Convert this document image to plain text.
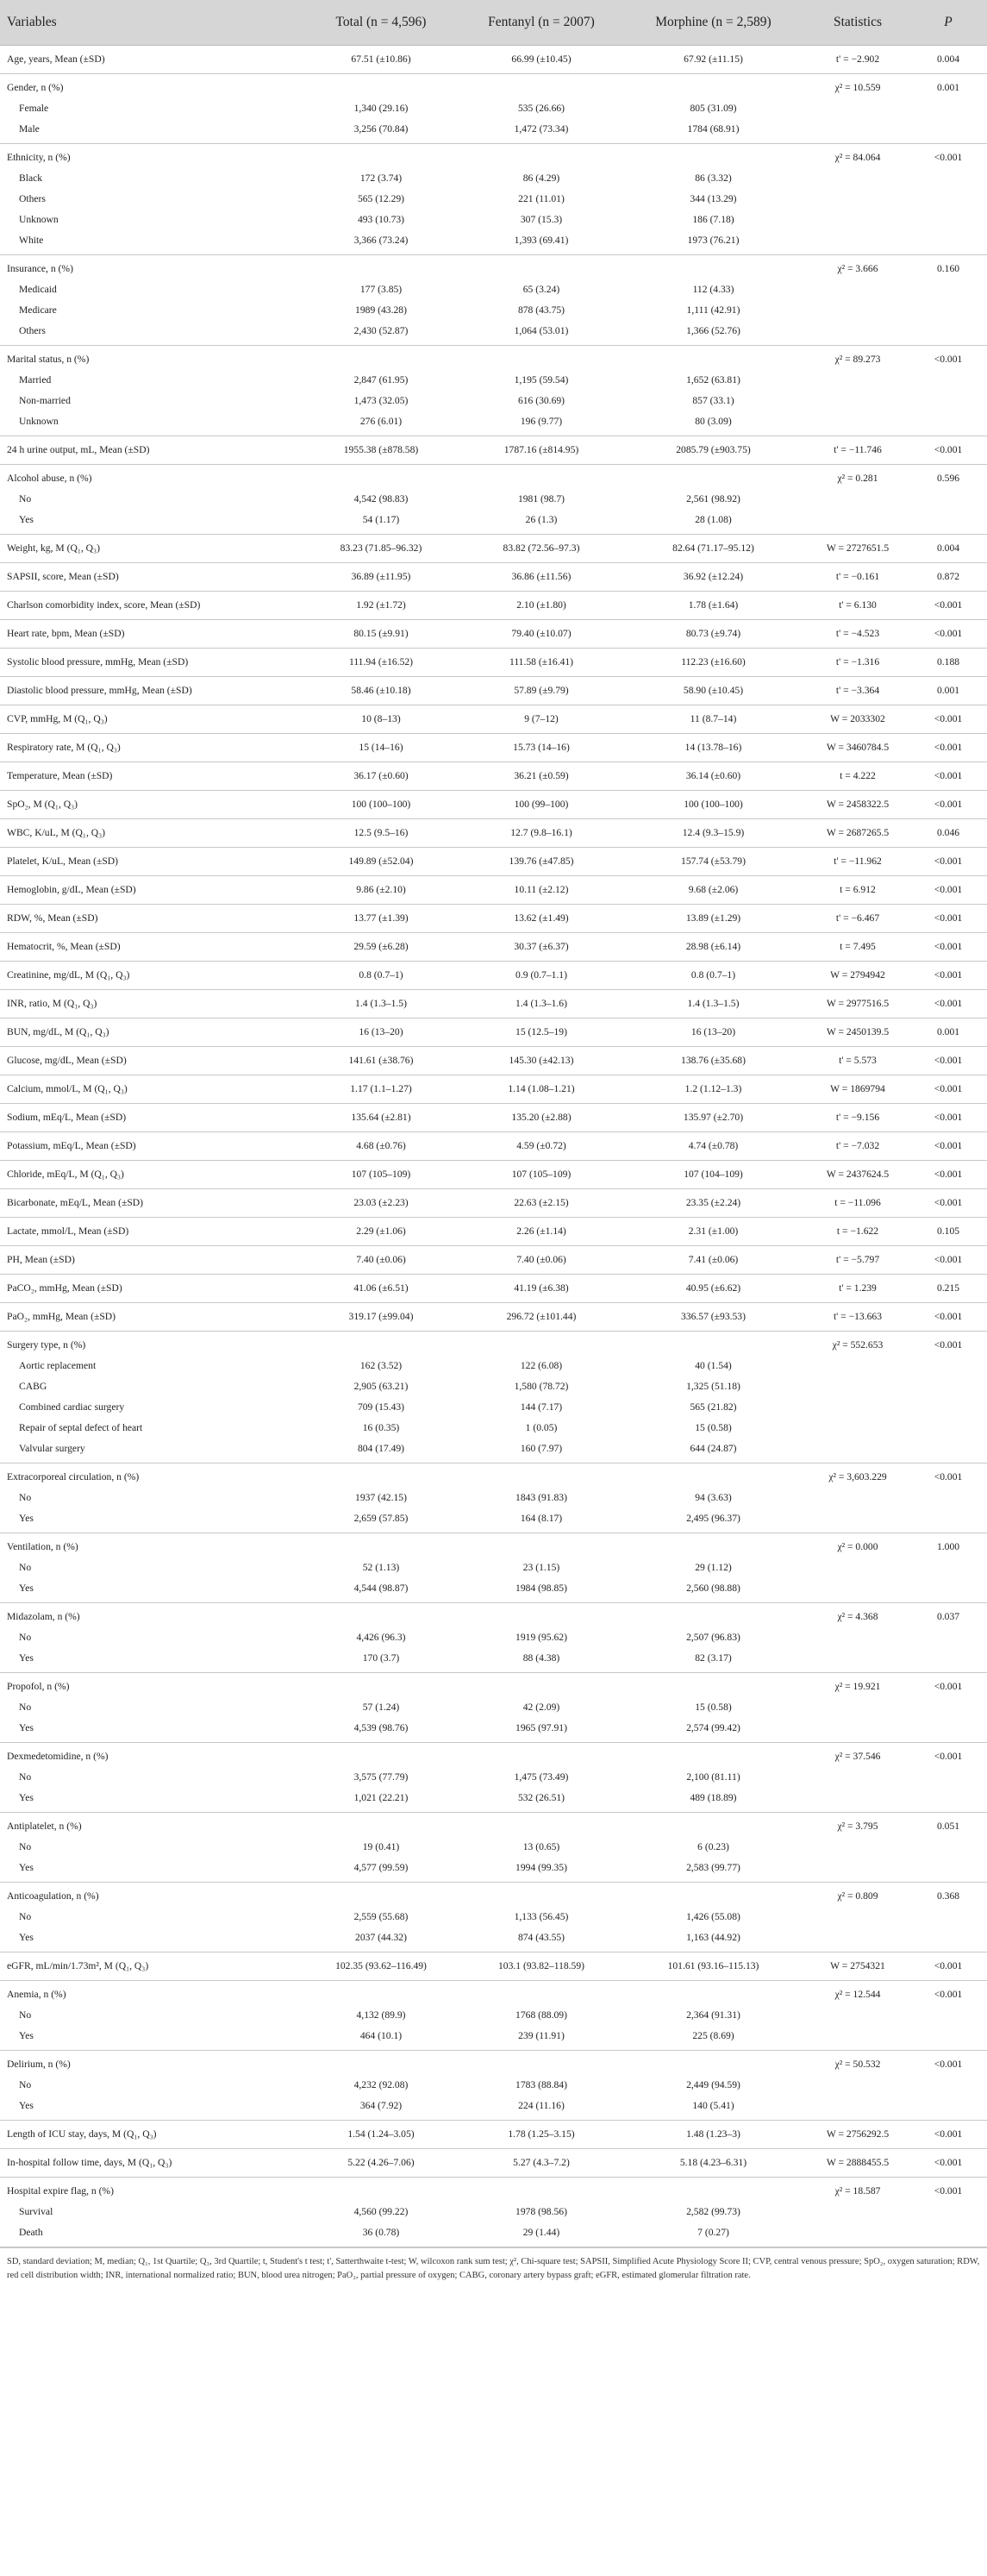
Variables	Total (n = 4,596)	Fentanyl (n = 2007)	Morphine (n = 2,589)	Statistics	P
Age, years, Mean (±SD)	67.51 (±10.86)	66.99 (±10.45)	67.92 (±11.15)	t' = −2.902	0.004
Gender, n (%)				χ² = 10.559	0.001
Female	1,340 (29.16)	535 (26.66)	805 (31.09)		
Male	3,256 (70.84)	1,472 (73.34)	1784 (68.91)		
Ethnicity, n (%)				χ² = 84.064	<0.001
Black	172 (3.74)	86 (4.29)	86 (3.32)		
Others	565 (12.29)	221 (11.01)	344 (13.29)		
Unknown	493 (10.73)	307 (15.3)	186 (7.18)		
White	3,366 (73.24)	1,393 (69.41)	1973 (76.21)		
Insurance, n (%)				χ² = 3.666	0.160
Medicaid	177 (3.85)	65 (3.24)	112 (4.33)		
Medicare	1989 (43.28)	878 (43.75)	1,111 (42.91)		
Others	2,430 (52.87)	1,064 (53.01)	1,366 (52.76)		
Marital status, n (%)				χ² = 89.273	<0.001
Married	2,847 (61.95)	1,195 (59.54)	1,652 (63.81)		
Non-married	1,473 (32.05)	616 (30.69)	857 (33.1)		
Unknown	276 (6.01)	196 (9.77)	80 (3.09)		
24 h urine output, mL, Mean (±SD)	1955.38 (±878.58)	1787.16 (±814.95)	2085.79 (±903.75)	t' = −11.746	<0.001
Alcohol abuse, n (%)				χ² = 0.281	0.596
No	4,542 (98.83)	1981 (98.7)	2,561 (98.92)		
Yes	54 (1.17)	26 (1.3)	28 (1.08)		
Weight, kg, M (Q₁, Q₃)	83.23 (71.85–96.32)	83.82 (72.56–97.3)	82.64 (71.17–95.12)	W = 2727651.5	0.004
SAPSII, score, Mean (±SD)	36.89 (±11.95)	36.86 (±11.56)	36.92 (±12.24)	t' = −0.161	0.872
Charlson comorbidity index, score, Mean (±SD)	1.92 (±1.72)	2.10 (±1.80)	1.78 (±1.64)	t' = 6.130	<0.001
Heart rate, bpm, Mean (±SD)	80.15 (±9.91)	79.40 (±10.07)	80.73 (±9.74)	t' = −4.523	<0.001
Systolic blood pressure, mmHg, Mean (±SD)	111.94 (±16.52)	111.58 (±16.41)	112.23 (±16.60)	t' = −1.316	0.188
Diastolic blood pressure, mmHg, Mean (±SD)	58.46 (±10.18)	57.89 (±9.79)	58.90 (±10.45)	t' = −3.364	0.001
CVP, mmHg, M (Q₁, Q₃)	10 (8–13)	9 (7–12)	11 (8.7–14)	W = 2033302	<0.001
Respiratory rate, M (Q₁, Q₃)	15 (14–16)	15.73 (14–16)	14 (13.78–16)	W = 3460784.5	<0.001
Temperature, Mean (±SD)	36.17 (±0.60)	36.21 (±0.59)	36.14 (±0.60)	t = 4.222	<0.001
SpO₂, M (Q₁, Q₃)	100 (100–100)	100 (99–100)	100 (100–100)	W = 2458322.5	<0.001
WBC, K/uL, M (Q₁, Q₃)	12.5 (9.5–16)	12.7 (9.8–16.1)	12.4 (9.3–15.9)	W = 2687265.5	0.046
Platelet, K/uL, Mean (±SD)	149.89 (±52.04)	139.76 (±47.85)	157.74 (±53.79)	t' = −11.962	<0.001
Hemoglobin, g/dL, Mean (±SD)	9.86 (±2.10)	10.11 (±2.12)	9.68 (±2.06)	t = 6.912	<0.001
RDW, %, Mean (±SD)	13.77 (±1.39)	13.62 (±1.49)	13.89 (±1.29)	t' = −6.467	<0.001
Hematocrit, %, Mean (±SD)	29.59 (±6.28)	30.37 (±6.37)	28.98 (±6.14)	t = 7.495	<0.001
Creatinine, mg/dL, M (Q₁, Q₃)	0.8 (0.7–1)	0.9 (0.7–1.1)	0.8 (0.7–1)	W = 2794942	<0.001
INR, ratio, M (Q₁, Q₃)	1.4 (1.3–1.5)	1.4 (1.3–1.6)	1.4 (1.3–1.5)	W = 2977516.5	<0.001
BUN, mg/dL, M (Q₁, Q₃)	16 (13–20)	15 (12.5–19)	16 (13–20)	W = 2450139.5	0.001
Glucose, mg/dL, Mean (±SD)	141.61 (±38.76)	145.30 (±42.13)	138.76 (±35.68)	t' = 5.573	<0.001
Calcium, mmol/L, M (Q₁, Q₃)	1.17 (1.1–1.27)	1.14 (1.08–1.21)	1.2 (1.12–1.3)	W = 1869794	<0.001
Sodium, mEq/L, Mean (±SD)	135.64 (±2.81)	135.20 (±2.88)	135.97 (±2.70)	t' = −9.156	<0.001
Potassium, mEq/L, Mean (±SD)	4.68 (±0.76)	4.59 (±0.72)	4.74 (±0.78)	t' = −7.032	<0.001
Chloride, mEq/L, M (Q₁, Q₃)	107 (105–109)	107 (105–109)	107 (104–109)	W = 2437624.5	<0.001
Bicarbonate, mEq/L, Mean (±SD)	23.03 (±2.23)	22.63 (±2.15)	23.35 (±2.24)	t = −11.096	<0.001
Lactate, mmol/L, Mean (±SD)	2.29 (±1.06)	2.26 (±1.14)	2.31 (±1.00)	t = −1.622	0.105
PH, Mean (±SD)	7.40 (±0.06)	7.40 (±0.06)	7.41 (±0.06)	t' = −5.797	<0.001
PaCO₂, mmHg, Mean (±SD)	41.06 (±6.51)	41.19 (±6.38)	40.95 (±6.62)	t' = 1.239	0.215
PaO₂, mmHg, Mean (±SD)	319.17 (±99.04)	296.72 (±101.44)	336.57 (±93.53)	t' = −13.663	<0.001
Surgery type, n (%)				χ² = 552.653	<0.001
Aortic replacement	162 (3.52)	122 (6.08)	40 (1.54)		
CABG	2,905 (63.21)	1,580 (78.72)	1,325 (51.18)		
Combined cardiac surgery	709 (15.43)	144 (7.17)	565 (21.82)		
Repair of septal defect of heart	16 (0.35)	1 (0.05)	15 (0.58)		
Valvular surgery	804 (17.49)	160 (7.97)	644 (24.87)		
Extracorporeal circulation, n (%)				χ² = 3,603.229	<0.001
No	1937 (42.15)	1843 (91.83)	94 (3.63)		
Yes	2,659 (57.85)	164 (8.17)	2,495 (96.37)		
Ventilation, n (%)				χ² = 0.000	1.000
No	52 (1.13)	23 (1.15)	29 (1.12)		
Yes	4,544 (98.87)	1984 (98.85)	2,560 (98.88)		
Midazolam, n (%)				χ² = 4.368	0.037
No	4,426 (96.3)	1919 (95.62)	2,507 (96.83)		
Yes	170 (3.7)	88 (4.38)	82 (3.17)		
Propofol, n (%)				χ² = 19.921	<0.001
No	57 (1.24)	42 (2.09)	15 (0.58)		
Yes	4,539 (98.76)	1965 (97.91)	2,574 (99.42)		
Dexmedetomidine, n (%)				χ² = 37.546	<0.001
No	3,575 (77.79)	1,475 (73.49)	2,100 (81.11)		
Yes	1,021 (22.21)	532 (26.51)	489 (18.89)		
Antiplatelet, n (%)				χ² = 3.795	0.051
No	19 (0.41)	13 (0.65)	6 (0.23)		
Yes	4,577 (99.59)	1994 (99.35)	2,583 (99.77)		
Anticoagulation, n (%)				χ² = 0.809	0.368
No	2,559 (55.68)	1,133 (56.45)	1,426 (55.08)		
Yes	2037 (44.32)	874 (43.55)	1,163 (44.92)		
eGFR, mL/min/1.73m², M (Q₁, Q₃)	102.35 (93.62–116.49)	103.1 (93.82–118.59)	101.61 (93.16–115.13)	W = 2754321	<0.001
Anemia, n (%)				χ² = 12.544	<0.001
No	4,132 (89.9)	1768 (88.09)	2,364 (91.31)		
Yes	464 (10.1)	239 (11.91)	225 (8.69)		
Delirium, n (%)				χ² = 50.532	<0.001
No	4,232 (92.08)	1783 (88.84)	2,449 (94.59)		
Yes	364 (7.92)	224 (11.16)	140 (5.41)		
Length of ICU stay, days, M (Q₁, Q₃)	1.54 (1.24–3.05)	1.78 (1.25–3.15)	1.48 (1.23–3)	W = 2756292.5	<0.001
In-hospital follow time, days, M (Q₁, Q₃)	5.22 (4.26–7.06)	5.27 (4.3–7.2)	5.18 (4.23–6.31)	W = 2888455.5	<0.001
Hospital expire flag, n (%)				χ² = 18.587	<0.001
Survival	4,560 (99.22)	1978 (98.56)	2,582 (99.73)		
Death	36 (0.78)	29 (1.44)	7 (0.27)		
SD, standard deviation; M, median; Q₁, 1st Quartile; Q₃, 3rd Quartile; t, Student's t test; t', Satterthwaite t-test; W, wilcoxon rank sum test; χ², Chi-square test; SAPSII, Simplified Acute Physiology Score II; CVP, central venous pressure; SpO₂, oxygen saturation; RDW, red cell distribution width; INR, international normalized ratio; BUN, blood urea nitrogen; PaO₂, partial pressure of oxygen; CABG, coronary artery bypass graft; eGFR, estimated glomerular filtration rate.
